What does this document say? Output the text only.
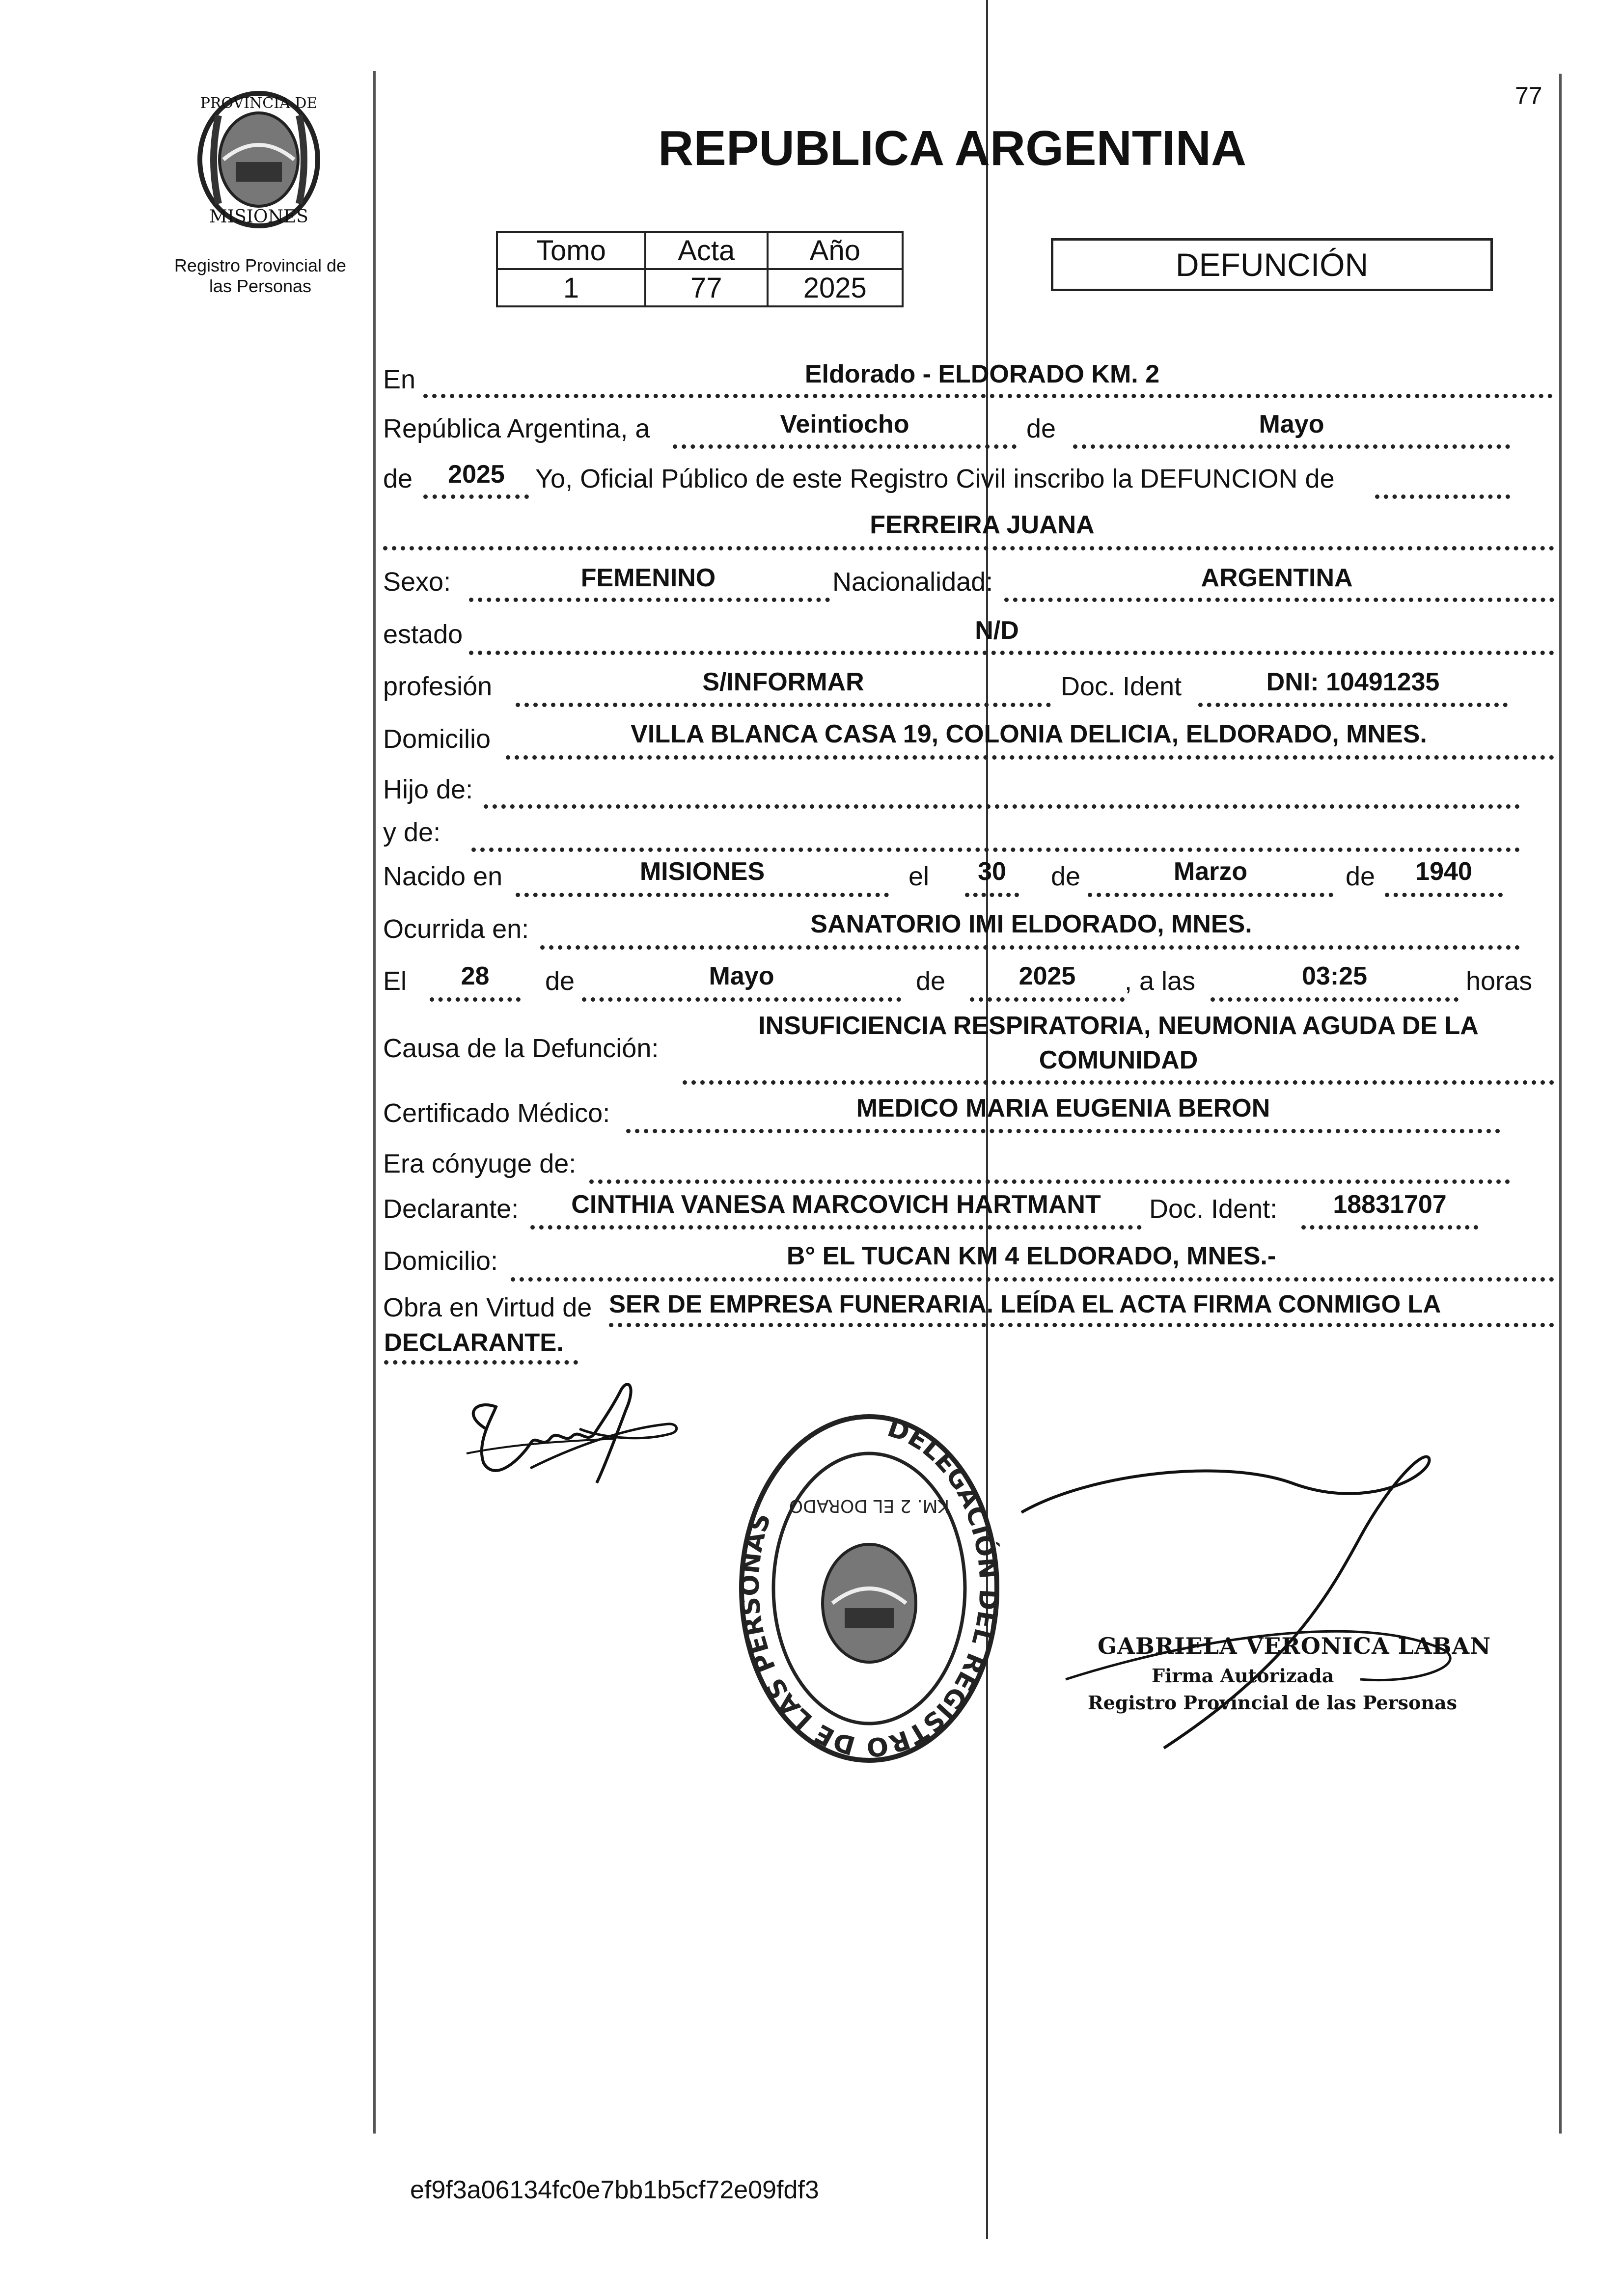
77
PROVINCIA DE
MISIONES
Registro Provincial de
las Personas
REPUBLICA ARGENTINA
Tomo	Acta	Año
1	77	2025
DEFUNCIÓN
En	Eldorado - ELDORADO KM. 2
República Argentina, a	Veintiocho	de	Mayo
de	2025	Yo, Oficial Público de este Registro Civil inscribo la DEFUNCION de
FERREIRA JUANA
Sexo:	FEMENINO	Nacionalidad:	ARGENTINA
estado	N/D
profesión	S/INFORMAR	Doc. Ident	DNI: 10491235
Domicilio	VILLA BLANCA CASA 19, COLONIA DELICIA, ELDORADO, MNES.
Hijo de:
y de:
Nacido en	MISIONES	el	30	de	Marzo	de	1940
Ocurrida en:	SANATORIO IMI ELDORADO, MNES.
El	28	de	Mayo	de	2025	, a las	03:25	horas
Causa de la Defunción:
INSUFICIENCIA RESPIRATORIA, NEUMONIA AGUDA DE LA
COMUNIDAD
Certificado Médico:	MEDICO MARIA EUGENIA BERON
Era cónyuge de:
Declarante:	CINTHIA VANESA MARCOVICH HARTMANT	Doc. Ident:	18831707
Domicilio:	B° EL TUCAN KM 4 ELDORADO, MNES.-
Obra en Virtud de SER DE EMPRESA FUNERARIA. LEÍDA EL ACTA FIRMA CONMIGO LA
DECLARANTE.
DELEGACIÓN DEL REGISTRO DE LAS PERSONAS
KM. 2 EL DORADO
GABRIELA VERONICA LABAN
Firma Autorizada
Registro Provincial de las Personas
ef9f3a06134fc0e7bb1b5cf72e09fdf3
